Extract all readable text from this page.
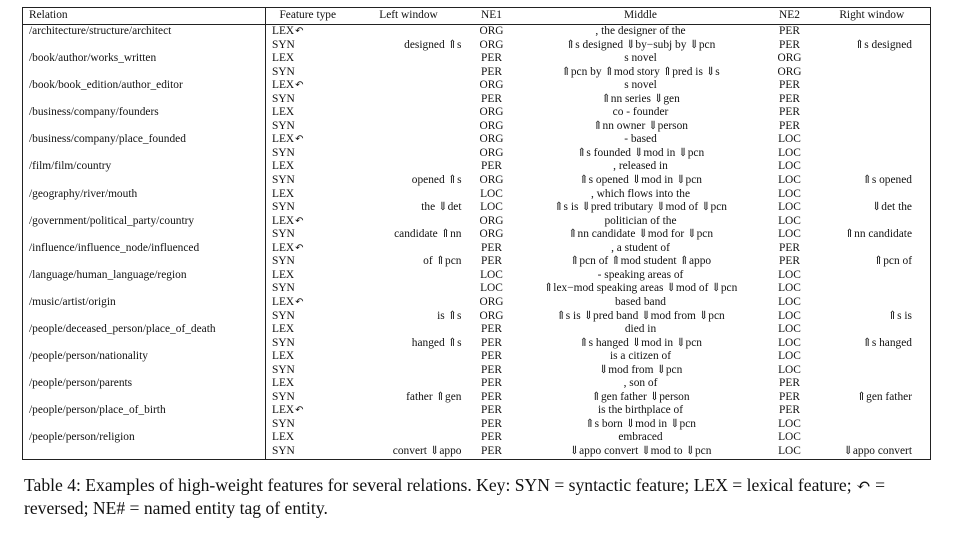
Relation	Feature type	Left window	NE1	Middle	NE2	Right window
/architecture/structure/architect	LEX↶		ORG	, the designer of the	PER	
	SYN	designed ⇑s	ORG	⇑s designed ⇓by−subj by ⇓pcn	PER	⇑s designed
/book/author/works_written	LEX		PER	s novel	ORG	
	SYN		PER	⇑pcn by ⇑mod story ⇑pred is ⇓s	ORG	
/book/book_edition/author_editor	LEX↶		ORG	s novel	PER	
	SYN		PER	⇑nn series ⇓gen	PER	
/business/company/founders	LEX		ORG	co - founder	PER	
	SYN		ORG	⇑nn owner ⇓person	PER	
/business/company/place_founded	LEX↶		ORG	- based	LOC	
	SYN		ORG	⇑s founded ⇓mod in ⇓pcn	LOC	
/film/film/country	LEX		PER	, released in	LOC	
	SYN	opened ⇑s	ORG	⇑s opened ⇓mod in ⇓pcn	LOC	⇑s opened
/geography/river/mouth	LEX		LOC	, which flows into the	LOC	
	SYN	the ⇓det	LOC	⇑s is ⇓pred tributary ⇓mod of ⇓pcn	LOC	⇓det the
/government/political_party/country	LEX↶		ORG	politician of the	LOC	
	SYN	candidate ⇑nn	ORG	⇑nn candidate ⇓mod for ⇓pcn	LOC	⇑nn candidate
/influence/influence_node/influenced	LEX↶		PER	, a student of	PER	
	SYN	of ⇑pcn	PER	⇑pcn of ⇑mod student ⇑appo	PER	⇑pcn of
/language/human_language/region	LEX		LOC	- speaking areas of	LOC	
	SYN		LOC	⇑lex−mod speaking areas ⇓mod of ⇓pcn	LOC	
/music/artist/origin	LEX↶		ORG	based band	LOC	
	SYN	is ⇑s	ORG	⇑s is ⇓pred band ⇓mod from ⇓pcn	LOC	⇑s is
/people/deceased_person/place_of_death	LEX		PER	died in	LOC	
	SYN	hanged ⇑s	PER	⇑s hanged ⇓mod in ⇓pcn	LOC	⇑s hanged
/people/person/nationality	LEX		PER	is a citizen of	LOC	
	SYN		PER	⇓mod from ⇓pcn	LOC	
/people/person/parents	LEX		PER	, son of	PER	
	SYN	father ⇑gen	PER	⇑gen father ⇓person	PER	⇑gen father
/people/person/place_of_birth	LEX↶		PER	is the birthplace of	PER	
	SYN		PER	⇑s born ⇓mod in ⇓pcn	LOC	
/people/person/religion	LEX		PER	embraced	LOC	
	SYN	convert ⇓appo	PER	⇓appo convert ⇓mod to ⇓pcn	LOC	⇓appo convert
Table 4: Examples of high-weight features for several relations. Key: SYN = syntactic feature; LEX = lexical feature; ↶ = reversed; NE# = named entity tag of entity.
